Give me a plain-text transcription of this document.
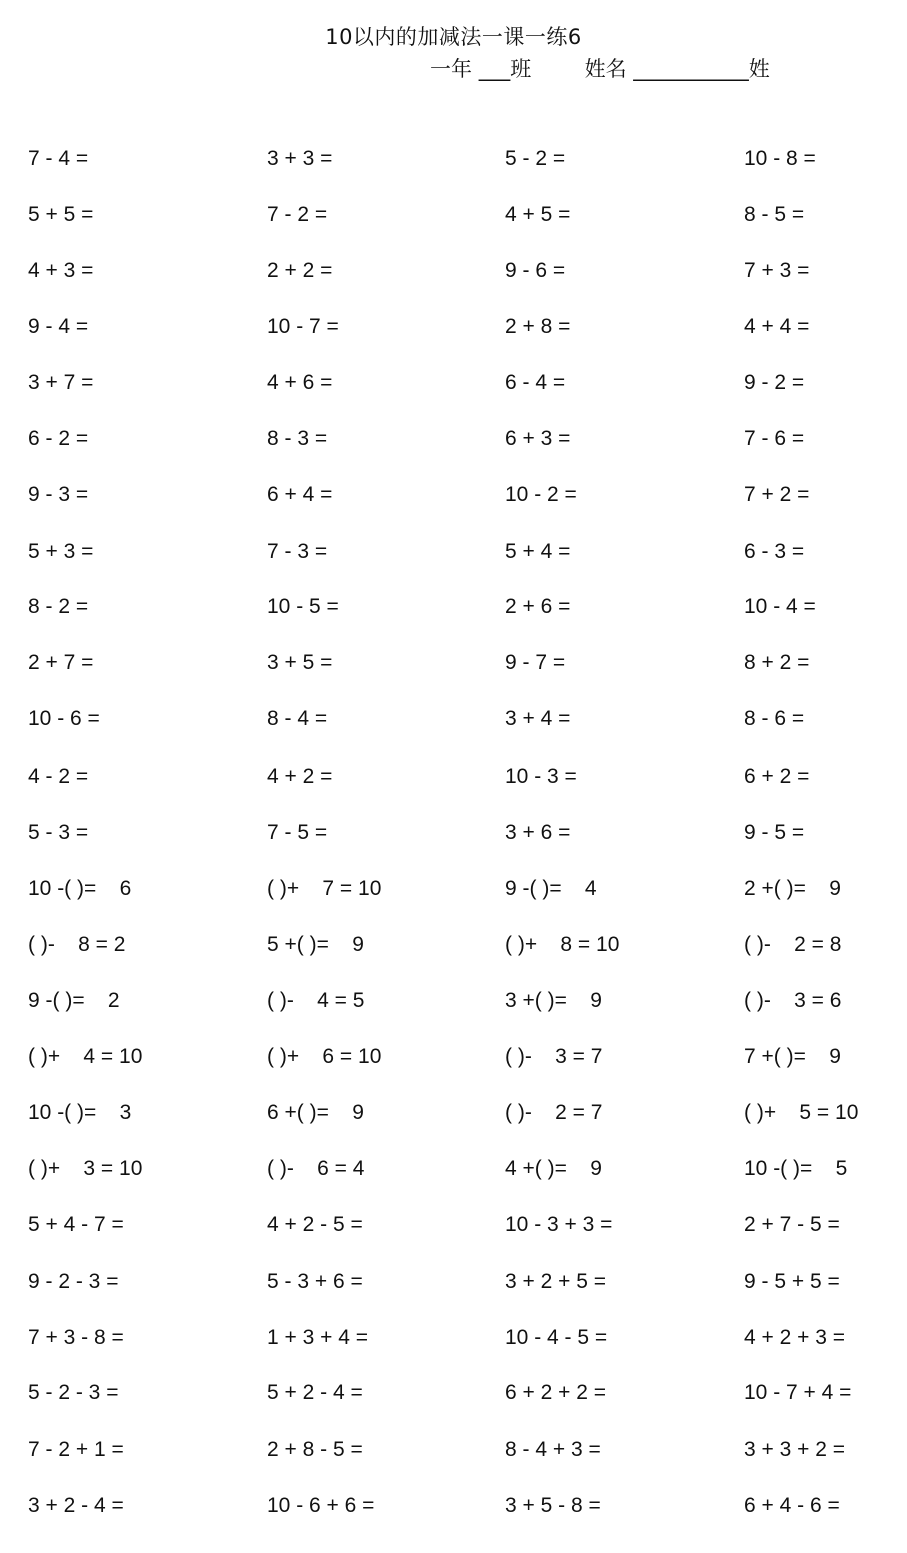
10以内的加减法一课一练6
一年 ___班	姓名 ___________姓
7 - 4 =	3 + 3 =	5 - 2 =	10 - 8 =
5 + 5 =	7 - 2 =	4 + 5 =	8 - 5 =
4 + 3 =	2 + 2 =	9 - 6 =	7 + 3 =
9 - 4 =	10 - 7 =	2 + 8 =	4 + 4 =
3 + 7 =	4 + 6 =	6 - 4 =	9 - 2 =
6 - 2 =	8 - 3 =	6 + 3 =	7 - 6 =
9 - 3 =	6 + 4 =	10 - 2 =	7 + 2 =
5 + 3 =	7 - 3 =	5 + 4 =	6 - 3 =
8 - 2 =	10 - 5 =	2 + 6 =	10 - 4 =
2 + 7 =	3 + 5 =	9 - 7 =	8 + 2 =
10 - 6 =	8 - 4 =	3 + 4 =	8 - 6 =
4 - 2 =	4 + 2 =	10 - 3 =	6 + 2 =
5 - 3 =	7 - 5 =	3 + 6 =	9 - 5 =
10 -( )=    6	( )+    7 = 10	9 -( )=    4	2 +( )=    9
( )-    8 = 2	5 +( )=    9	( )+    8 = 10	( )-    2 = 8
9 -( )=    2	( )-    4 = 5	3 +( )=    9	( )-    3 = 6
( )+    4 = 10	( )+    6 = 10	( )-    3 = 7	7 +( )=    9
10 -( )=    3	6 +( )=    9	( )-    2 = 7	( )+    5 = 10
( )+    3 = 10	( )-    6 = 4	4 +( )=    9	10 -( )=    5
5 + 4 - 7 =	4 + 2 - 5 =	10 - 3 + 3 =	2 + 7 - 5 =
9 - 2 - 3 =	5 - 3 + 6 =	3 + 2 + 5 =	9 - 5 + 5 =
7 + 3 - 8 =	1 + 3 + 4 =	10 - 4 - 5 =	4 + 2 + 3 =
5 - 2 - 3 =	5 + 2 - 4 =	6 + 2 + 2 =	10 - 7 + 4 =
7 - 2 + 1 =	2 + 8 - 5 =	8 - 4 + 3 =	3 + 3 + 2 =
3 + 2 - 4 =	10 - 6 + 6 =	3 + 5 - 8 =	6 + 4 - 6 =
